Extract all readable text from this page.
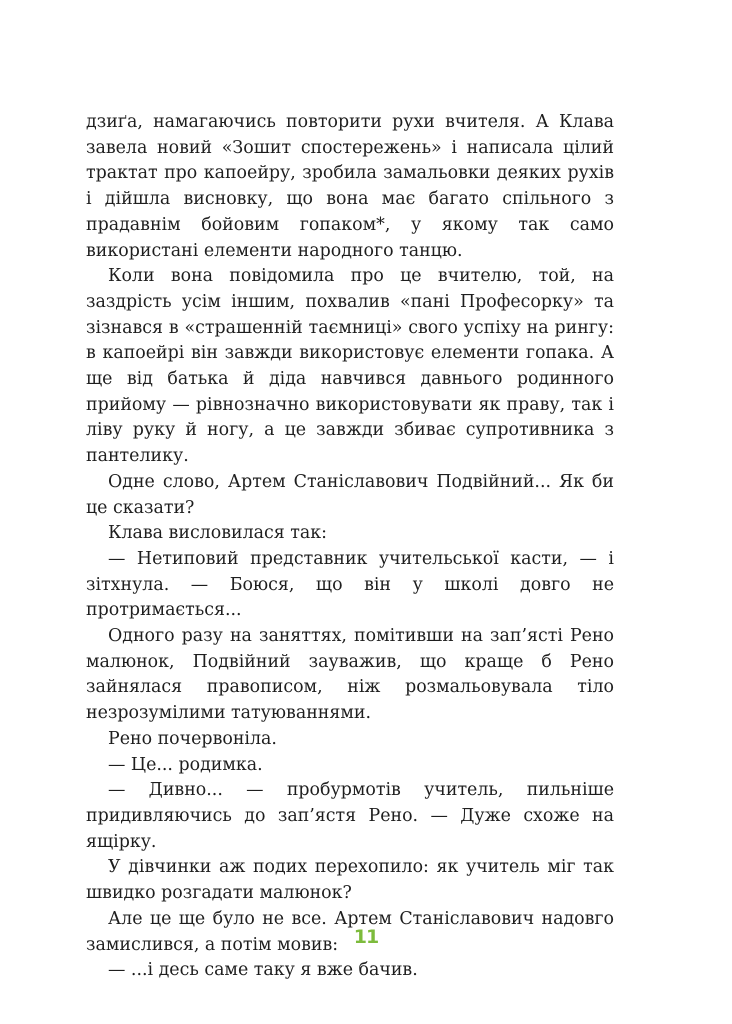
дзиґа, намагаючись повторити рухи вчителя. А Клава завела новий «Зошит спостережень» і написала цілий трактат про капоейру, зробила замальовки деяких рухів і дійшла висновку, що вона має багато спільного з прадавнім бойовим гопаком*, у якому так само використані елементи народного танцю.

Коли вона повідомила про це вчителю, той, на заздрість усім іншим, похвалив «пані Професорку» та зізнався в «страшенній таємниці» свого успіху на рингу: в капоейрі він завжди використовує елементи гопака. А ще від батька й діда навчився давнього родинного прийому — рівнозначно використовувати як праву, так і ліву руку й ногу, а це завжди збиває супротивника з пантелику.

Одне слово, Артем Станіславович Подвійний... Як би це сказати?

Клава висловилася так:

— Нетиповий представник учительської касти, — і зітхнула. — Боюся, що він у школі довго не протримається...

Одного разу на заняттях, помітивши на зап’ясті Рено малюнок, Подвійний зауважив, що краще б Рено зайнялася правописом, ніж розмальовувала тіло незрозумілими татуюваннями.

Рено почервоніла.

— Це... родимка.

— Дивно... — пробурмотів учитель, пильніше придивляючись до зап’ястя Рено. — Дуже схоже на ящірку.

У дівчинки аж подих перехопило: як учитель міг так швидко розгадати малюнок?

Але це ще було не все. Артем Станіславович надовго замислився, а потім мовив:

— ...і десь саме таку я вже бачив.

11
